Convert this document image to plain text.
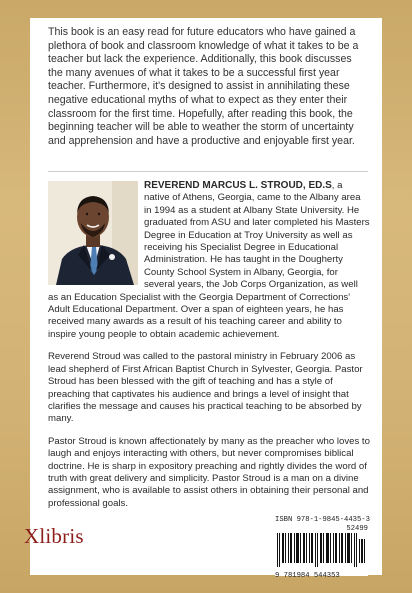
This book is an easy read for future educators who have gained a plethora of book and classroom knowledge of what it takes to be a teacher but lack the experience. Additionally, this book discusses the many avenues of what it takes to be a successful first year teacher. Furthermore, it's designed to assist in annihilating these negative educational myths of what to expect as they enter their classroom for the first time. Hopefully, after reading this book, the beginning teacher will be able to weather the storm of uncertainty and apprehension and have a productive and enjoyable first year.

REVEREND MARCUS L. STROUD, ED.S, a native of Athens, Georgia, came to the Albany area in 1994 as a student at Albany State University. He graduated from ASU and later completed his Masters Degree in Education at Troy University as well as receiving his Specialist Degree in Educational Administration. He has taught in the Dougherty County School System in Albany, Georgia, for several years, the Job Corps Organization, as well as an Education Specialist with the Georgia Department of Corrections' Adult Educational Department. Over a span of eighteen years, he has received many awards as a result of his teaching career and ability to inspire young people to obtain academic achievement.

Reverend Stroud was called to the pastoral ministry in February 2006 as lead shepherd of First African Baptist Church in Sylvester, Georgia. Pastor Stroud has been blessed with the gift of teaching and has a style of preaching that captivates his audience and brings a level of insight that clarifies the message and causes his practical teaching to be absorbed by many.

Pastor Stroud is known affectionately by many as the preacher who loves to laugh and enjoys interacting with others, but never compromises biblical doctrine. He is sharp in expository preaching and rightly divides the word of truth with great delivery and simplicity. Pastor Stroud is a man on a divine assignment, who is available to assist others in obtaining their personal and professional goals.

ISBN 978-1-9845-4435-3
52499
9 781984 544353
Xlibris
